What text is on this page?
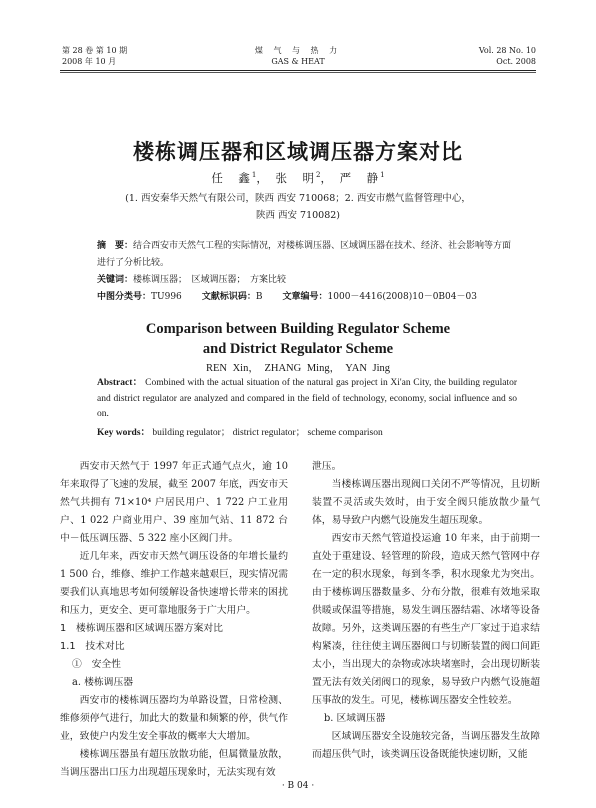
第 28 卷 第 10 期
2008 年 10 月
煤 气 与 热 力
GAS & HEAT
Vol. 28 No. 10
Oct. 2008
楼栋调压器和区域调压器方案对比
任　鑫$^1$， 张　明$^2$， 严　静$^1$
(1. 西安秦华天然气有限公司，陕西 西安 710068；2. 西安市燃气监督管理中心，
陕西 西安 710082)
摘　要：结合西安市天然气工程的实际情况，对楼栋调压器、区域调压器在技术、经济、社会影响等方面进行了分析比较。
关键词：楼栋调压器；　区域调压器；　方案比较
中图分类号：TU996 文献标识码：B 文章编号：1000－4416(2008)10－0B04－03
Comparison between Building Regulator Scheme
and District Regulator Scheme
REN Xin， ZHANG Ming， YAN Jing
Abstract： Combined with the actual situation of the natural gas project in Xi'an City, the building regulator and district regulator are analyzed and compared in the field of technology, economy, social influence and so on.
Key words： building regulator； district regulator； scheme comparison

西安市天然气于 1997 年正式通气点火，逾 10 年来取得了飞速的发展，截至 2007 年底，西安市天然气共拥有 71×10⁴ 户居民用户、1 722 户工业用户、1 022 户商业用户、39 座加气站、11 872 台中－低压调压器、5 322 座小区阀门井。

近几年来，西安市天然气调压设备的年增长量约 1 500 台，维修、维护工作越来越艰巨，现实情况需要我们认真地思考如何缓解设备快速增长带来的困扰和压力，更安全、更可靠地服务于广大用户。

1　楼栋调压器和区域调压器方案对比

1.1　技术对比

①　安全性

a. 楼栋调压器

西安市的楼栋调压器均为单路设置，日常检测、维修须停气进行，加此大的数量和频繁的停，供气作业，致使户内发生安全事故的概率大大增加。

楼栋调压器虽有超压放散功能，但属微量放散，当调压器出口压力出现超压现象时，无法实现有效

泄压。

当楼栋调压器出现阀口关闭不严等情况，且切断装置不灵活或失效时，由于安全阀只能放散少量气体，易导致户内燃气设施发生超压现象。

西安市天然气管道投运逾 10 年来，由于前期一直处于重建设、轻管理的阶段，造成天然气管网中存在一定的积水现象，每到冬季，积水现象尤为突出。由于楼栋调压器数量多、分布分散，很难有效地采取供暖或保温等措施，易发生调压器结霜、冰堵等设备故障。另外，这类调压器的有些生产厂家过于追求结构紧凑，往往使主调压器阀口与切断装置的阀口间距太小，当出现大的杂物或冰块堵塞时，会出现切断装置无法有效关闭阀口的现象，易导致户内燃气设施超压事故的发生。可见，楼栋调压器安全性较差。

b. 区域调压器

区域调压器安全设施较完备，当调压器发生故障而超压供气时，该类调压设备既能快速切断，又能

· B 04 ·
